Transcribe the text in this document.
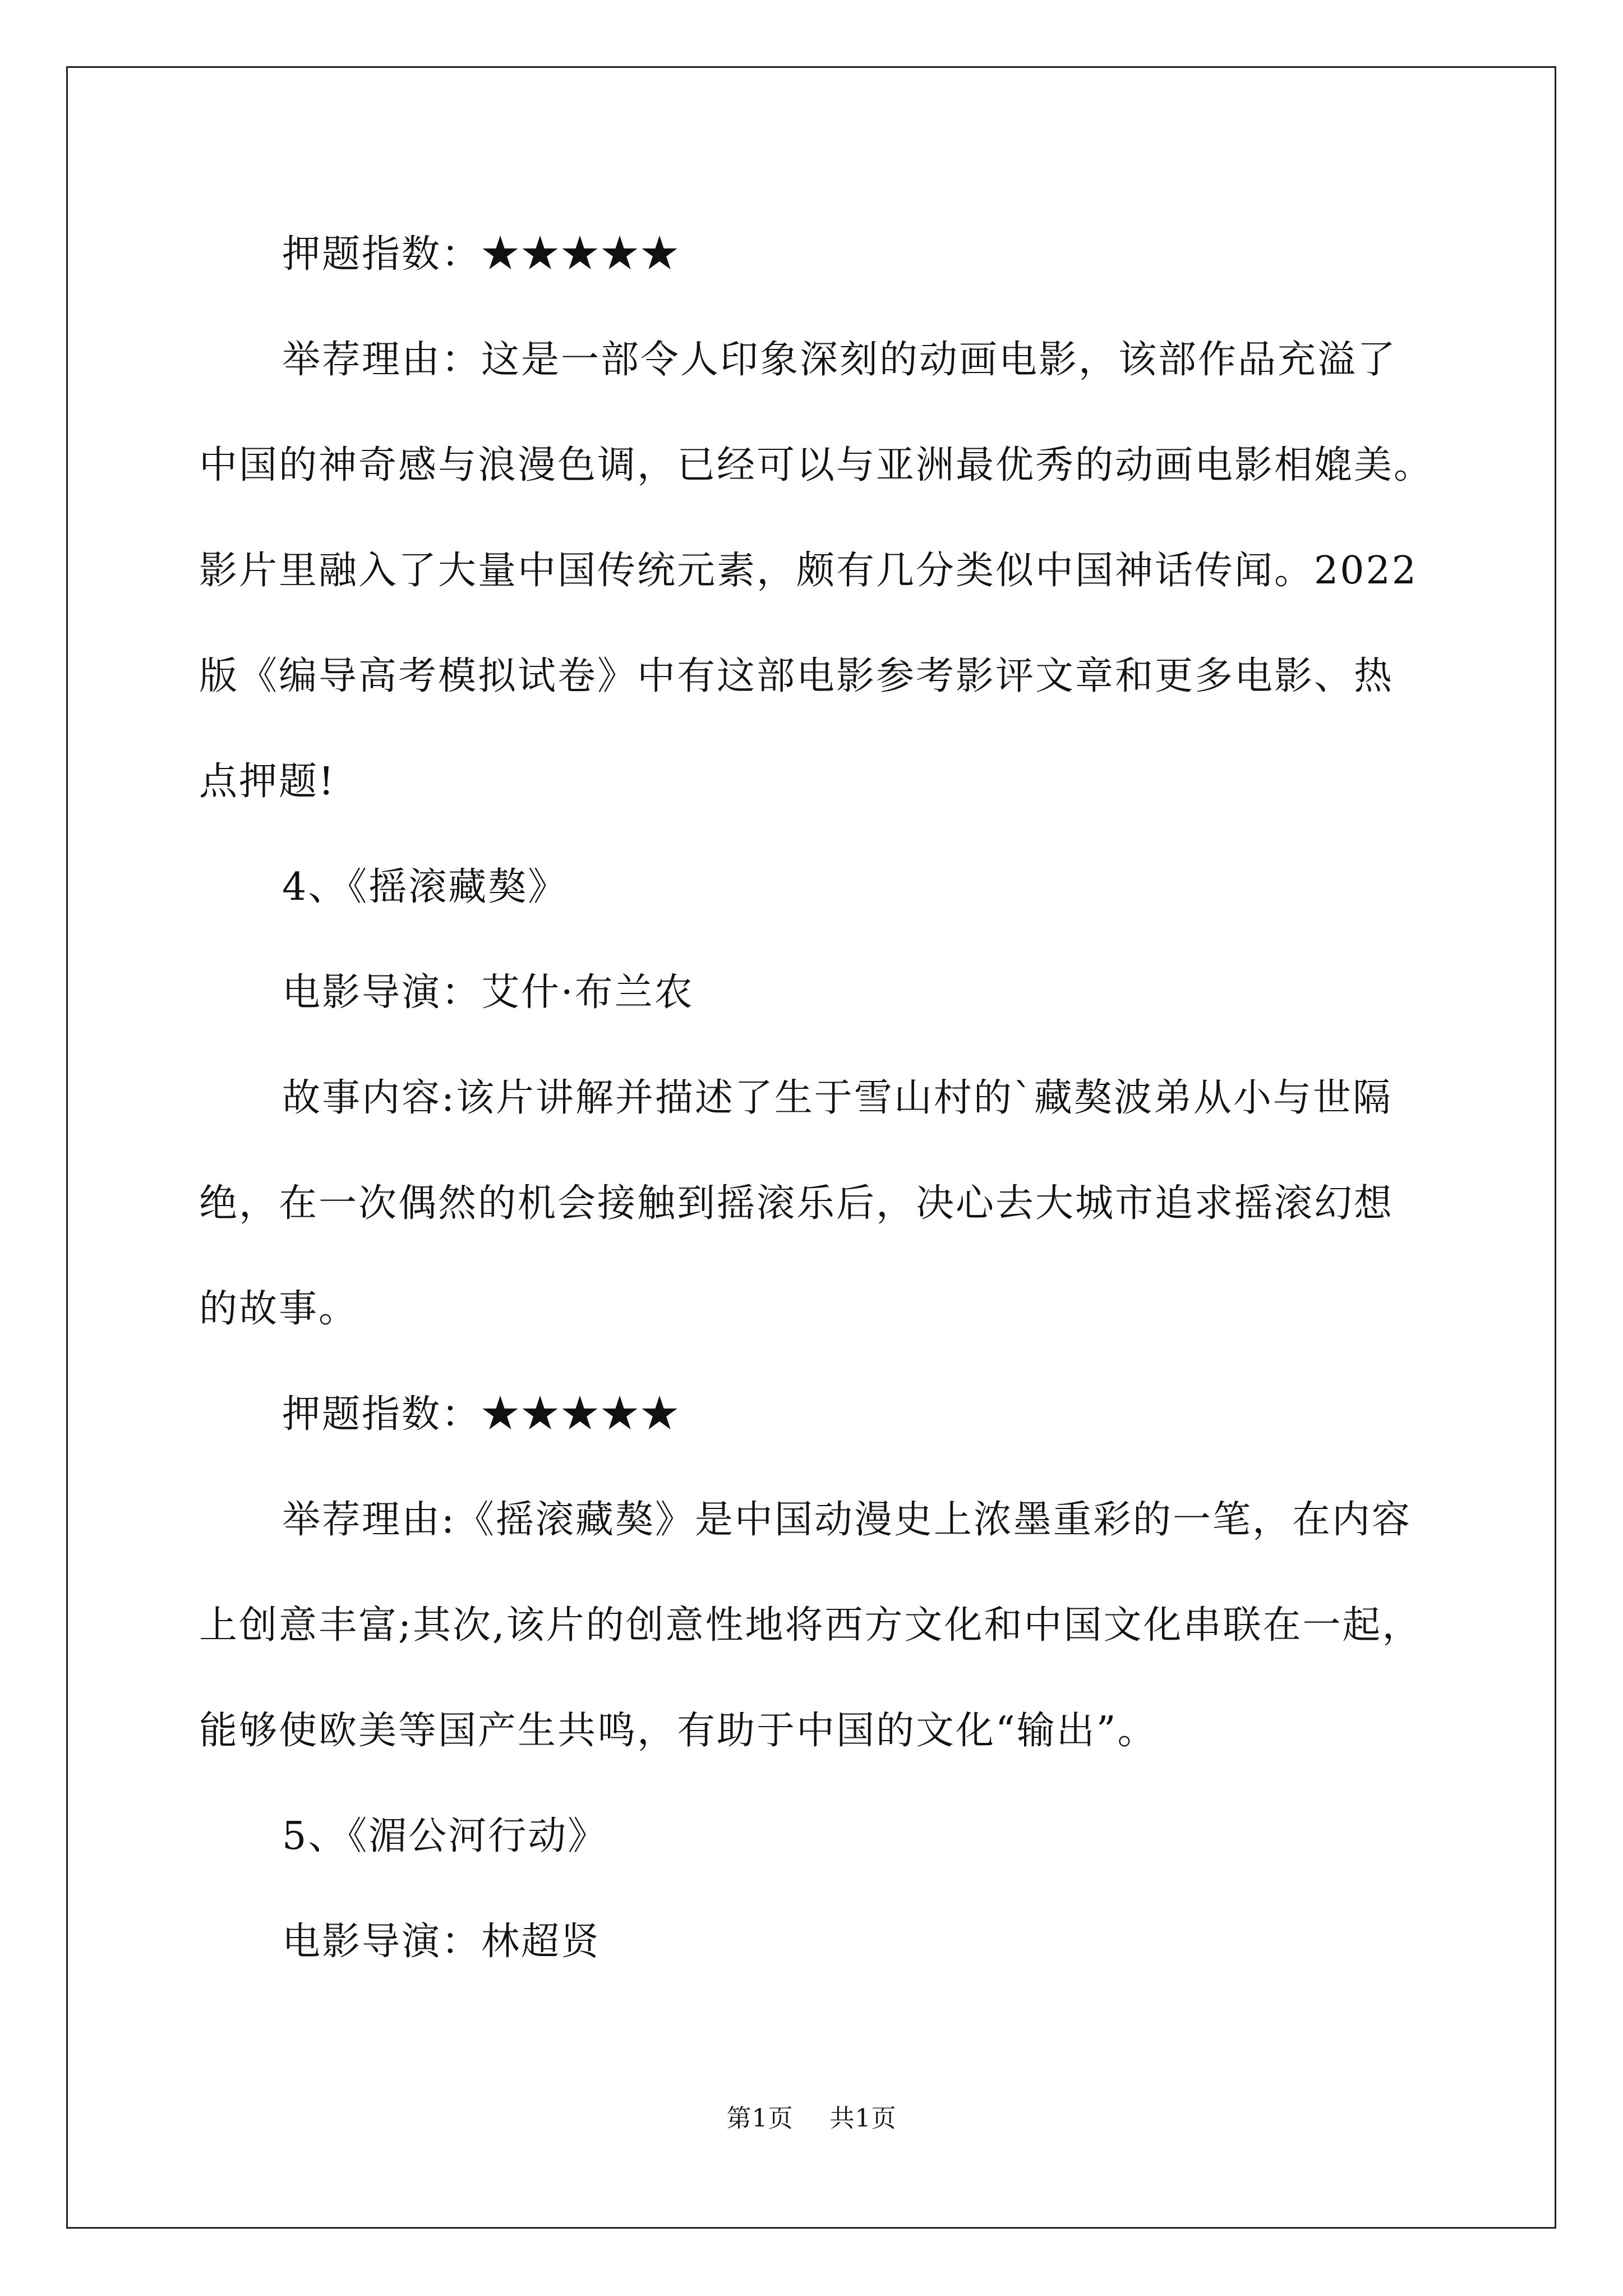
押题指数：★★★★★

举荐理由：这是一部令人印象深刻的动画电影，该部作品充溢了
中国的神奇感与浪漫色调，已经可以与亚洲最优秀的动画电影相媲美。
影片里融入了大量中国传统元素，颇有几分类似中国神话传闻。2022
版《编导高考模拟试卷》中有这部电影参考影评文章和更多电影、热
点押题!

4、《摇滚藏獒》

电影导演：艾什·布兰农

故事内容:该片讲解并描述了生于雪山村的`藏獒波弟从小与世隔
绝，在一次偶然的机会接触到摇滚乐后，决心去大城市追求摇滚幻想
的故事。

押题指数：★★★★★

举荐理由:《摇滚藏獒》是中国动漫史上浓墨重彩的一笔，在内容
上创意丰富;其次,该片的创意性地将西方文化和中国文化串联在一起，
能够使欧美等国产生共鸣，有助于中国的文化“输出”。

5、《湄公河行动》

电影导演：林超贤

第1页 共1页
